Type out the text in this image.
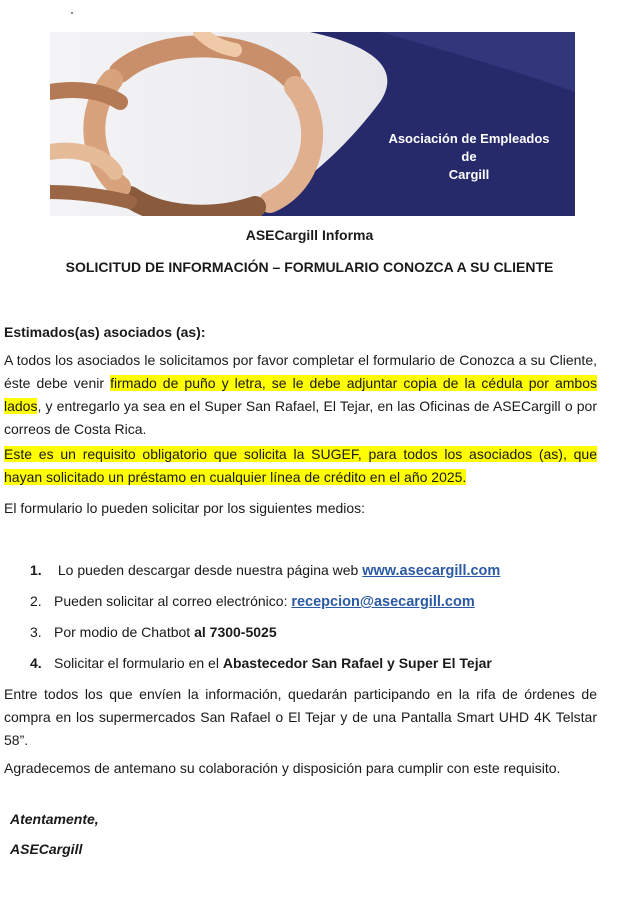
Asociación de Empleados de
Cargill
ASECargill Informa
SOLICITUD DE INFORMACIÓN – FORMULARIO CONOZCA A SU CLIENTE
Estimados(as) asociados (as):

A todos los asociados le solicitamos por favor completar el formulario de Conozca a su Cliente, éste debe venir firmado de puño y letra, se le debe adjuntar copia de la cédula por ambos lados, y entregarlo ya sea en el Super San Rafael, El Tejar, en las Oficinas de ASECargill o por correos de Costa Rica.

Este es un requisito obligatorio que solicita la SUGEF, para todos los asociados (as), que hayan solicitado un préstamo en cualquier línea de crédito en el año 2025.

El formulario lo pueden solicitar por los siguientes medios:

1. Lo pueden descargar desde nuestra página web www.asecargill.com
2. Pueden solicitar al correo electrónico: recepcion@asecargill.com
3. Por modio de Chatbot al 7300-5025
4. Solicitar el formulario en el Abastecedor San Rafael y Super El Tejar

Entre todos los que envíen la información, quedarán participando en la rifa de órdenes de compra en los supermercados San Rafael o El Tejar y de una Pantalla Smart UHD 4K Telstar 58”.

Agradecemos de antemano su colaboración y disposición para cumplir con este requisito.

Atentamente,
ASECargill
